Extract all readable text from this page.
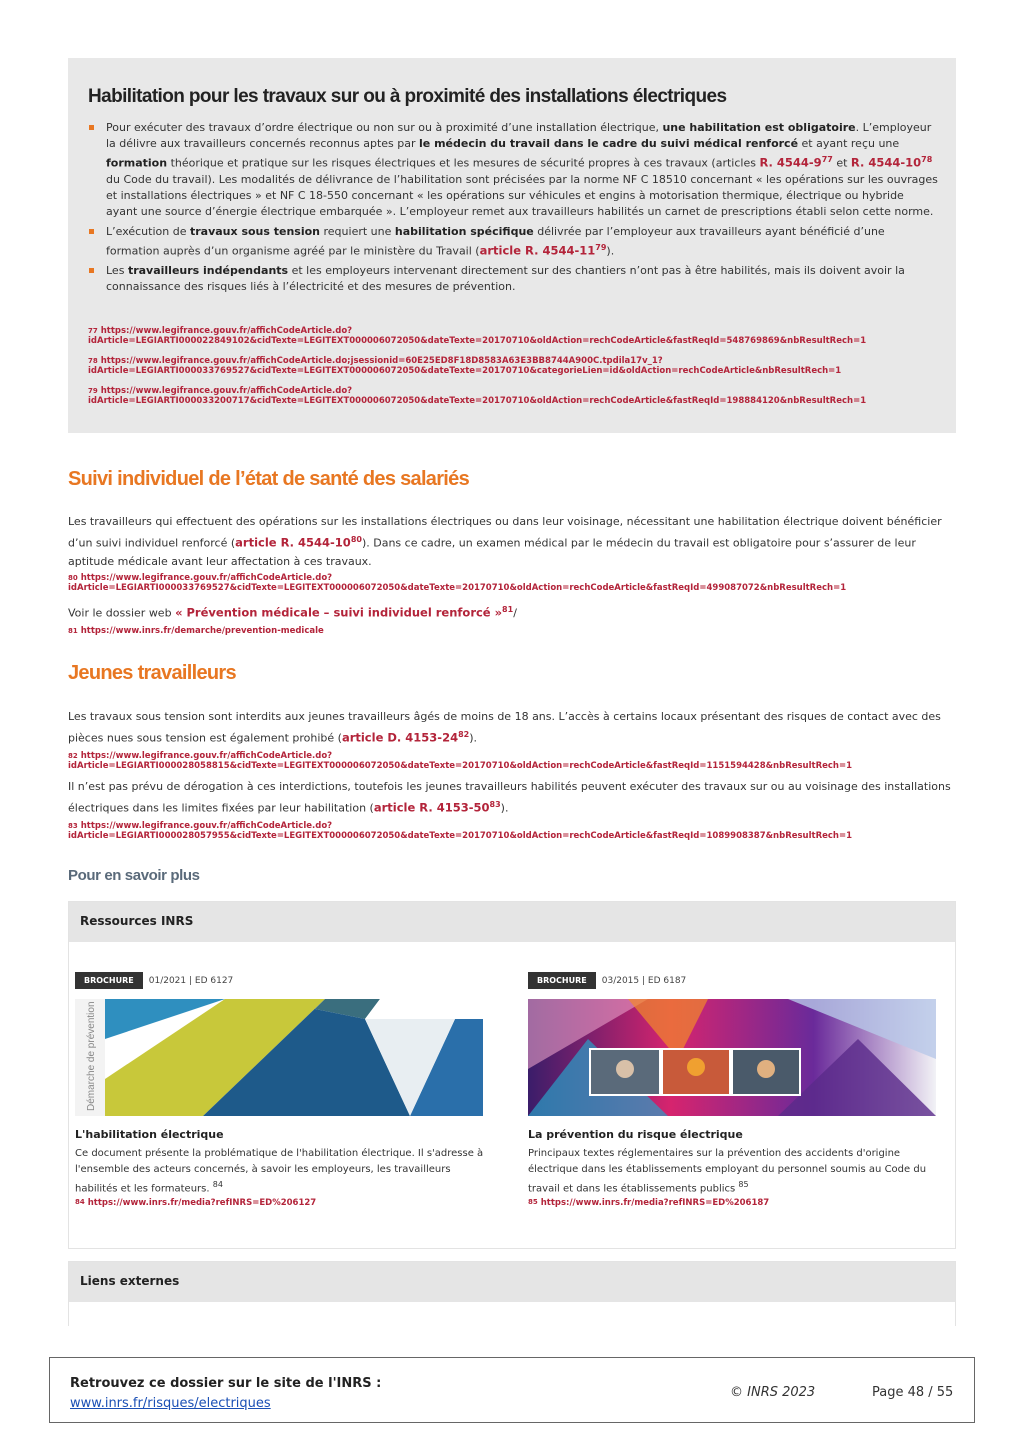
Habilitation pour les travaux sur ou à proximité des installations électriques
Pour exécuter des travaux d’ordre électrique ou non sur ou à proximité d’une installation électrique, une habilitation est obligatoire. L’employeur la délivre aux travailleurs concernés reconnus aptes par le médecin du travail dans le cadre du suivi médical renforcé et ayant reçu une formation théorique et pratique sur les risques électriques et les mesures de sécurité propres à ces travaux (articles R. $4544-9^{77}$ et R. $4544-10^{78}$ du Code du travail). Les modalités de délivrance de l’habilitation sont précisées par la norme NF C 18510 concernant « les opérations sur les ouvrages et installations électriques » et NF C 18-550 concernant « les opérations sur véhicules et engins à motorisation thermique, électrique ou hybride ayant une source d’énergie électrique embarquée ». L’employeur remet aux travailleurs habilités un carnet de prescriptions établi selon cette norme.
L’exécution de travaux sous tension requiert une habilitation spécifique délivrée par l’employeur aux travailleurs ayant bénéficié d’une formation auprès d’un organisme agréé par le ministère du Travail (article R. $4544-11^{79}$).
Les travailleurs indépendants et les employeurs intervenant directement sur des chantiers n’ont pas à être habilités, mais ils doivent avoir la connaissance des risques liés à l’électricité et des mesures de prévention.
$^{77}$ https://www.legifrance.gouv.fr/affichCodeArticle.do?
idArticle=LEGIARTI000022849102&cidTexte=LEGITEXT000006072050&dateTexte=20170710&oldAction=rechCodeArticle&fastReqId=548769869&nbResultRech=1
$^{78}$ https://www.legifrance.gouv.fr/affichCodeArticle.do;jsessionid=60E25ED8F18D8583A63E3BB8744A900C.tpdila17v_1?
idArticle=LEGIARTI000033769527&cidTexte=LEGITEXT000006072050&dateTexte=20170710&categorieLien=id&oldAction=rechCodeArticle&nbResultRech=1
$^{79}$ https://www.legifrance.gouv.fr/affichCodeArticle.do?
idArticle=LEGIARTI000033200717&cidTexte=LEGITEXT000006072050&dateTexte=20170710&oldAction=rechCodeArticle&fastReqId=198884120&nbResultRech=1
Suivi individuel de l’état de santé des salariés

Les travailleurs qui effectuent des opérations sur les installations électriques ou dans leur voisinage, nécessitant une habilitation électrique doivent bénéficier d’un suivi individuel renforcé (article R. $4544-10^{80}$). Dans ce cadre, un examen médical par le médecin du travail est obligatoire pour s’assurer de leur aptitude médicale avant leur affectation à ces travaux.

$^{80}$ https://www.legifrance.gouv.fr/affichCodeArticle.do?
idArticle=LEGIARTI000033769527&cidTexte=LEGITEXT000006072050&dateTexte=20170710&oldAction=rechCodeArticle&fastReqId=499087072&nbResultRech=1

Voir le dossier web « Prévention médicale – suivi individuel renforcé »$^{81}$/

$^{81}$ https://www.inrs.fr/demarche/prevention-medicale
Jeunes travailleurs

Les travaux sous tension sont interdits aux jeunes travailleurs âgés de moins de 18 ans. L’accès à certains locaux présentant des risques de contact avec des pièces nues sous tension est également prohibé (article D. $4153-24^{82}$).

$^{82}$ https://www.legifrance.gouv.fr/affichCodeArticle.do?
idArticle=LEGIARTI000028058815&cidTexte=LEGITEXT000006072050&dateTexte=20170710&oldAction=rechCodeArticle&fastReqId=1151594428&nbResultRech=1

Il n’est pas prévu de dérogation à ces interdictions, toutefois les jeunes travailleurs habilités peuvent exécuter des travaux sur ou au voisinage des installations électriques dans les limites fixées par leur habilitation (article R. $4153-50^{83}$).

$^{83}$ https://www.legifrance.gouv.fr/affichCodeArticle.do?
idArticle=LEGIARTI000028057955&cidTexte=LEGITEXT000006072050&dateTexte=20170710&oldAction=rechCodeArticle&fastReqId=1089908387&nbResultRech=1
Pour en savoir plus
Ressources INRS
BROCHURE 01/2021 | ED 6127
Démarche de prévention
L'habilitation électrique

Ce document présente la problématique de l'habilitation électrique. Il s'adresse à l'ensemble des acteurs concernés, à savoir les employeurs, les travailleurs habilités et les formateurs. $^{84}$

$^{84}$ https://www.inrs.fr/media?refINRS=ED%206127
BROCHURE 03/2015 | ED 6187
La prévention du risque électrique

Principaux textes réglementaires sur la prévention des accidents d'origine électrique dans les établissements employant du personnel soumis au Code du travail et dans les établissements publics $^{85}$

$^{85}$ https://www.inrs.fr/media?refINRS=ED%206187
Liens externes
Retrouvez ce dossier sur le site de l'INRS :
www.inrs.fr/risques/electriques
© INRS 2023	Page 48 / 55
